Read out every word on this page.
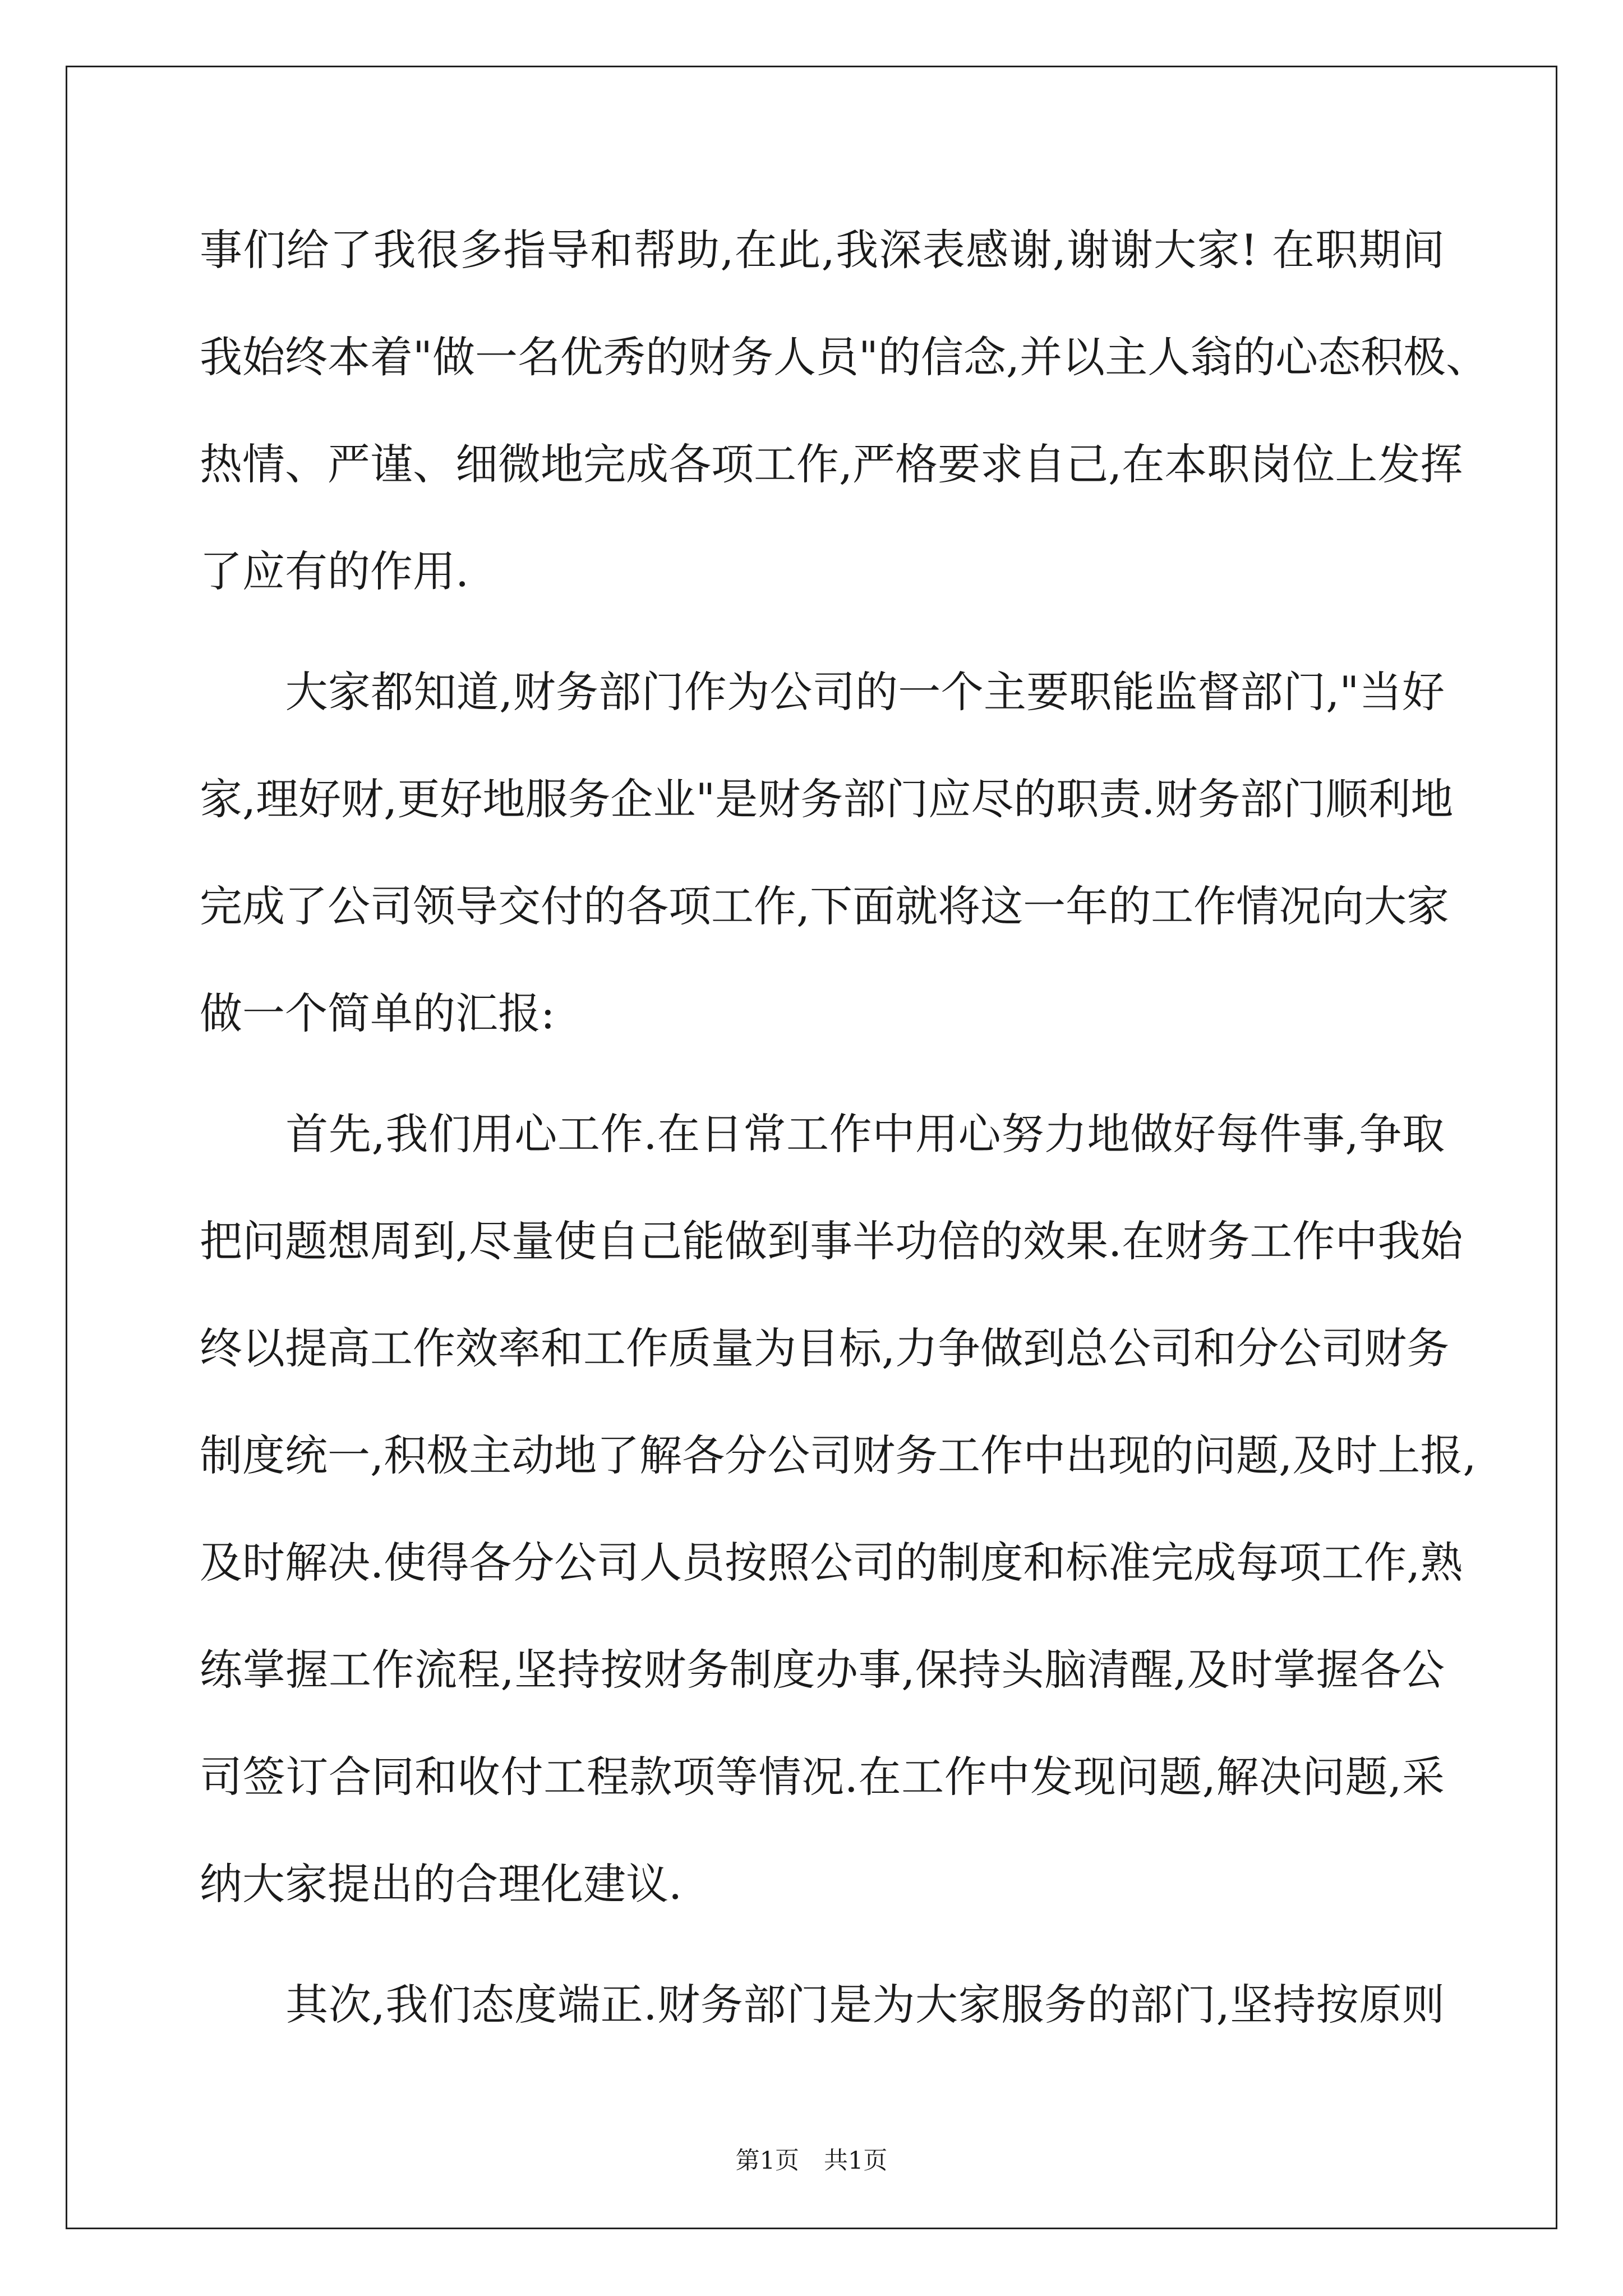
事们给了我很多指导和帮助,在此,我深表感谢,谢谢大家! 在职期间
我始终本着"做一名优秀的财务人员"的信念,并以主人翁的心态积极、
热情、严谨、细微地完成各项工作,严格要求自己,在本职岗位上发挥
了应有的作用.
　　大家都知道,财务部门作为公司的一个主要职能监督部门,"当好
家,理好财,更好地服务企业"是财务部门应尽的职责.财务部门顺利地
完成了公司领导交付的各项工作,下面就将这一年的工作情况向大家
做一个简单的汇报:
　　首先,我们用心工作.在日常工作中用心努力地做好每件事,争取
把问题想周到,尽量使自己能做到事半功倍的效果.在财务工作中我始
终以提高工作效率和工作质量为目标,力争做到总公司和分公司财务
制度统一,积极主动地了解各分公司财务工作中出现的问题,及时上报,
及时解决.使得各分公司人员按照公司的制度和标准完成每项工作,熟
练掌握工作流程,坚持按财务制度办事,保持头脑清醒,及时掌握各公
司签订合同和收付工程款项等情况.在工作中发现问题,解决问题,采
纳大家提出的合理化建议.
　　其次,我们态度端正.财务部门是为大家服务的部门,坚持按原则
第1页 共1页
